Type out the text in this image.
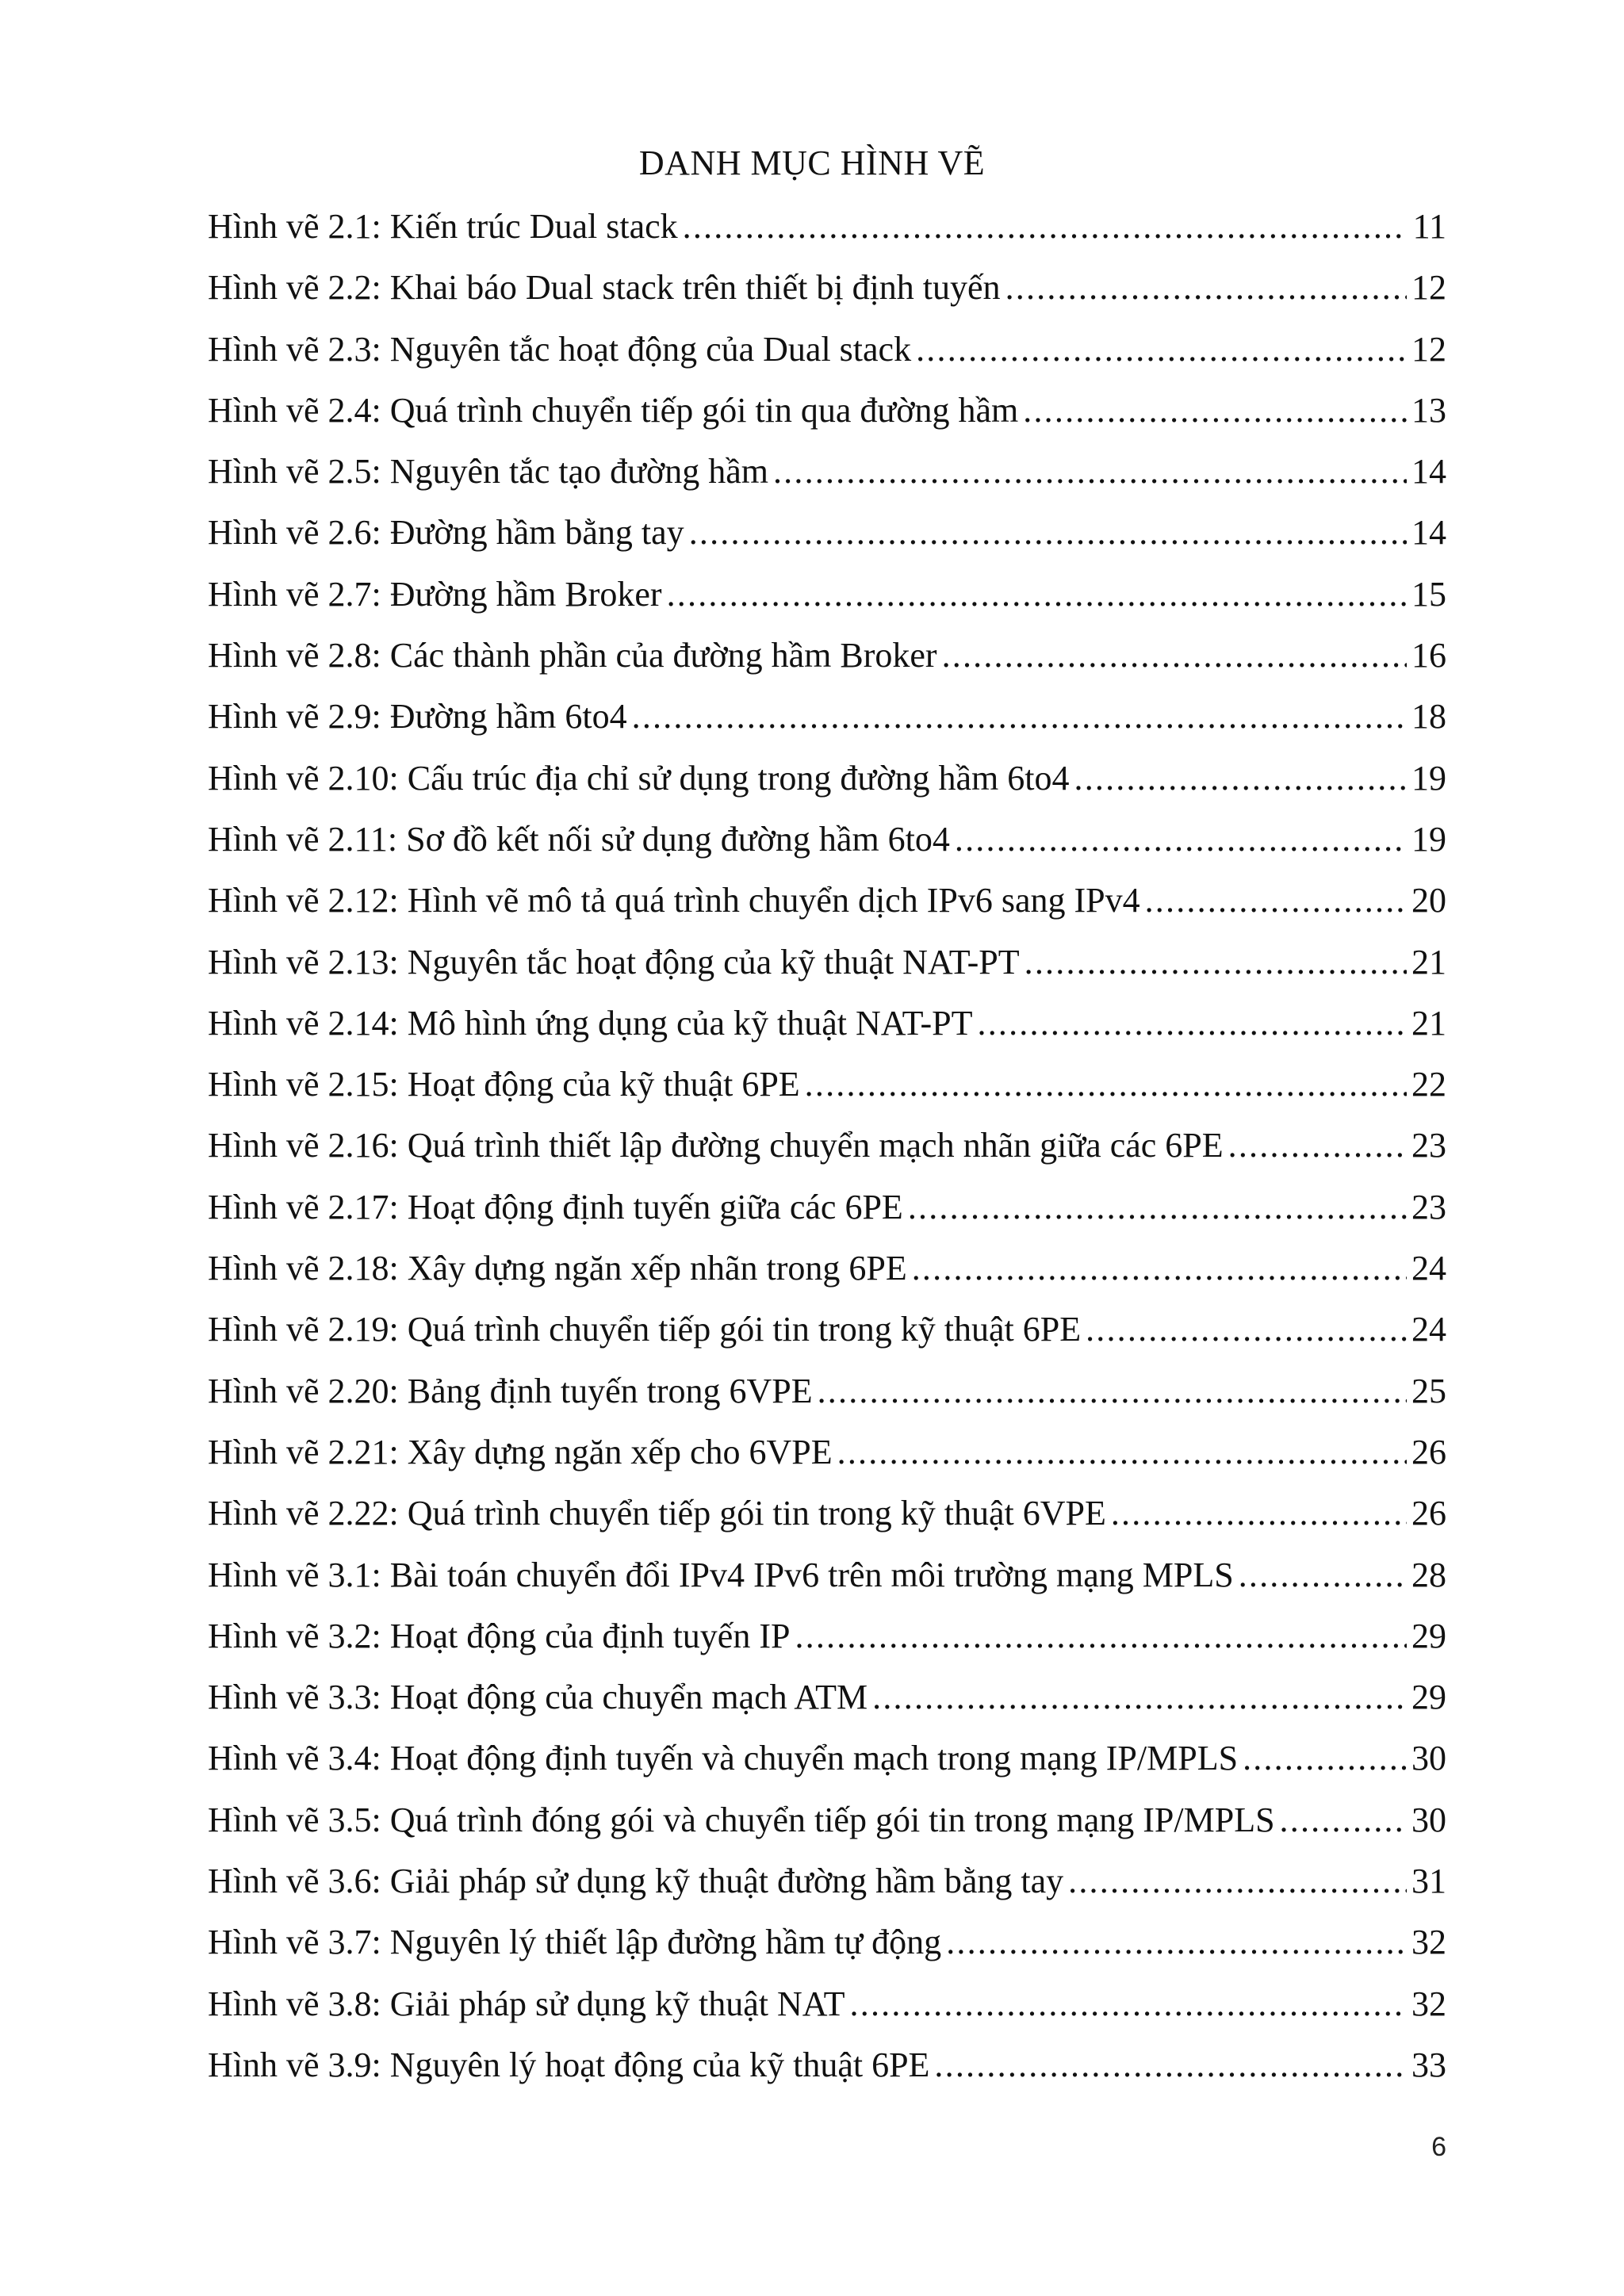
DANH MỤC HÌNH VẼ
Hình vẽ 2.1: Kiến trúc Dual stack .....	11
Hình vẽ 2.2: Khai báo Dual stack trên thiết bị định tuyến .....	12
Hình vẽ 2.3: Nguyên tắc hoạt động của Dual stack .....	12
Hình vẽ 2.4: Quá trình chuyển tiếp gói tin qua đường hầm .....	13
Hình vẽ 2.5: Nguyên tắc tạo đường hầm .....	14
Hình vẽ 2.6: Đường hầm bằng tay .....	14
Hình vẽ 2.7: Đường hầm Broker .....	15
Hình vẽ 2.8: Các thành phần của đường hầm Broker .....	16
Hình vẽ 2.9: Đường hầm 6to4 .....	18
Hình vẽ 2.10: Cấu trúc địa chỉ sử dụng trong đường hầm 6to4 .....	19
Hình vẽ 2.11: Sơ đồ kết nối sử dụng đường hầm 6to4 .....	19
Hình vẽ 2.12: Hình vẽ mô tả quá trình chuyển dịch IPv6 sang IPv4 .....	20
Hình vẽ 2.13: Nguyên tắc hoạt động của kỹ thuật NAT-PT .....	21
Hình vẽ 2.14: Mô hình ứng dụng của kỹ thuật NAT-PT .....	21
Hình vẽ 2.15: Hoạt động của kỹ thuật 6PE .....	22
Hình vẽ 2.16: Quá trình thiết lập đường chuyển mạch nhãn giữa các 6PE .....	23
Hình vẽ 2.17: Hoạt động định tuyến giữa các 6PE .....	23
Hình vẽ 2.18: Xây dựng ngăn xếp nhãn trong 6PE .....	24
Hình vẽ 2.19: Quá trình chuyển tiếp gói tin trong kỹ thuật 6PE .....	24
Hình vẽ 2.20: Bảng định tuyến trong 6VPE .....	25
Hình vẽ 2.21: Xây dựng ngăn xếp cho 6VPE .....	26
Hình vẽ 2.22: Quá trình chuyển tiếp gói tin trong kỹ thuật 6VPE .....	26
Hình vẽ 3.1: Bài toán chuyển đổi IPv4 IPv6 trên môi trường mạng MPLS .....	28
Hình vẽ 3.2: Hoạt động của định tuyến IP .....	29
Hình vẽ 3.3: Hoạt động của chuyển mạch ATM .....	29
Hình vẽ 3.4: Hoạt động định tuyến và chuyển mạch trong mạng IP/MPLS .....	30
Hình vẽ 3.5: Quá trình đóng gói và chuyển tiếp gói tin trong mạng IP/MPLS .....	30
Hình vẽ 3.6: Giải pháp sử dụng kỹ thuật đường hầm bằng tay .....	31
Hình vẽ 3.7: Nguyên lý thiết lập đường hầm tự động .....	32
Hình vẽ 3.8: Giải pháp sử dụng kỹ thuật NAT .....	32
Hình vẽ 3.9: Nguyên lý hoạt động của kỹ thuật 6PE .....	33
6
